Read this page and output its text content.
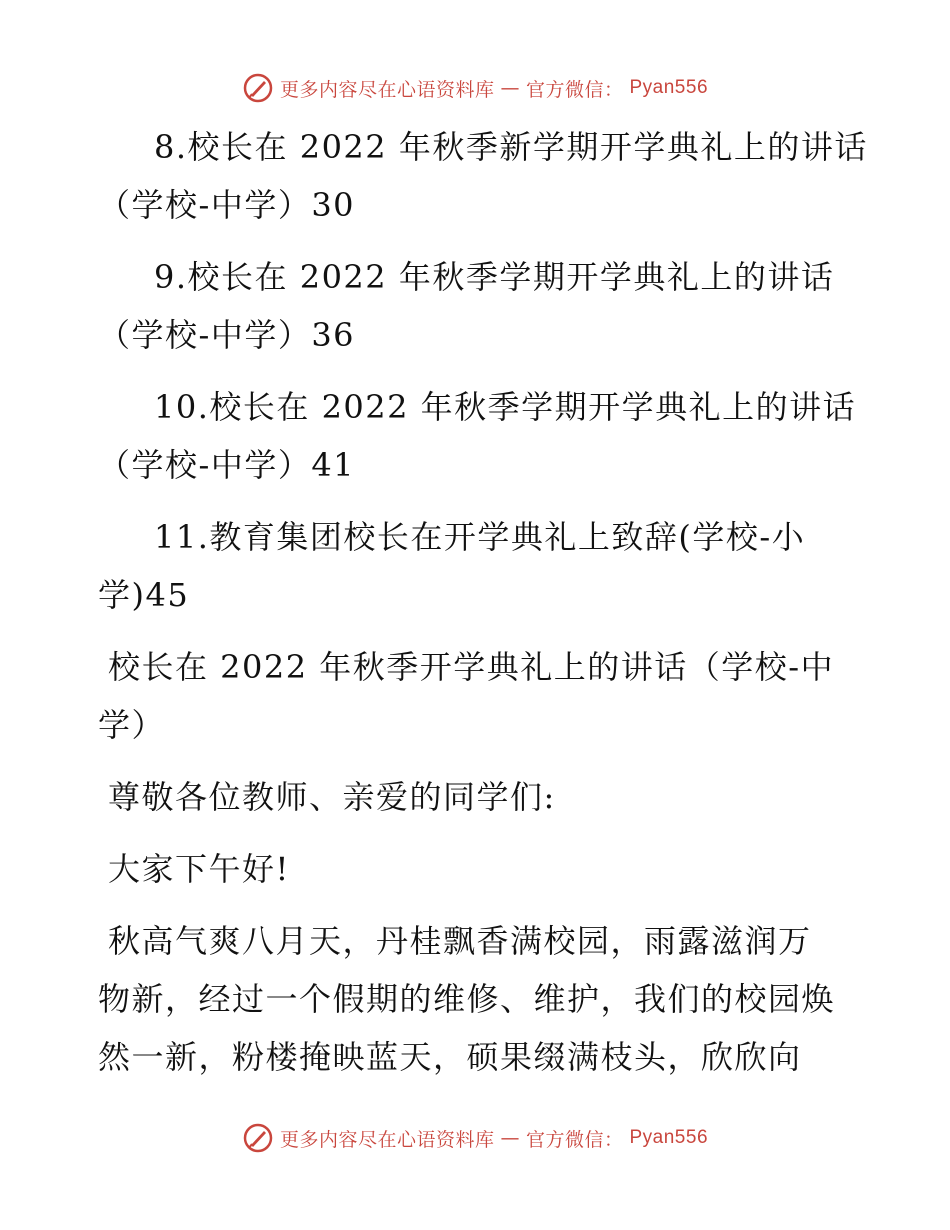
更多内容尽在心语资料库 — 官方微信： Pyan556
8.校长在 2022 年秋季新学期开学典礼上的讲话
（学校-中学）30
9.校长在 2022 年秋季学期开学典礼上的讲话
（学校-中学）36
10.校长在 2022 年秋季学期开学典礼上的讲话
（学校-中学）41
11.教育集团校长在开学典礼上致辞(学校-小
学)45
校长在 2022 年秋季开学典礼上的讲话（学校-中
学）
尊敬各位教师、亲爱的同学们:
大家下午好!
秋高气爽八月天，丹桂飘香满校园，雨露滋润万
物新，经过一个假期的维修、维护，我们的校园焕
然一新，粉楼掩映蓝天，硕果缀满枝头，欣欣向
更多内容尽在心语资料库 — 官方微信： Pyan556
